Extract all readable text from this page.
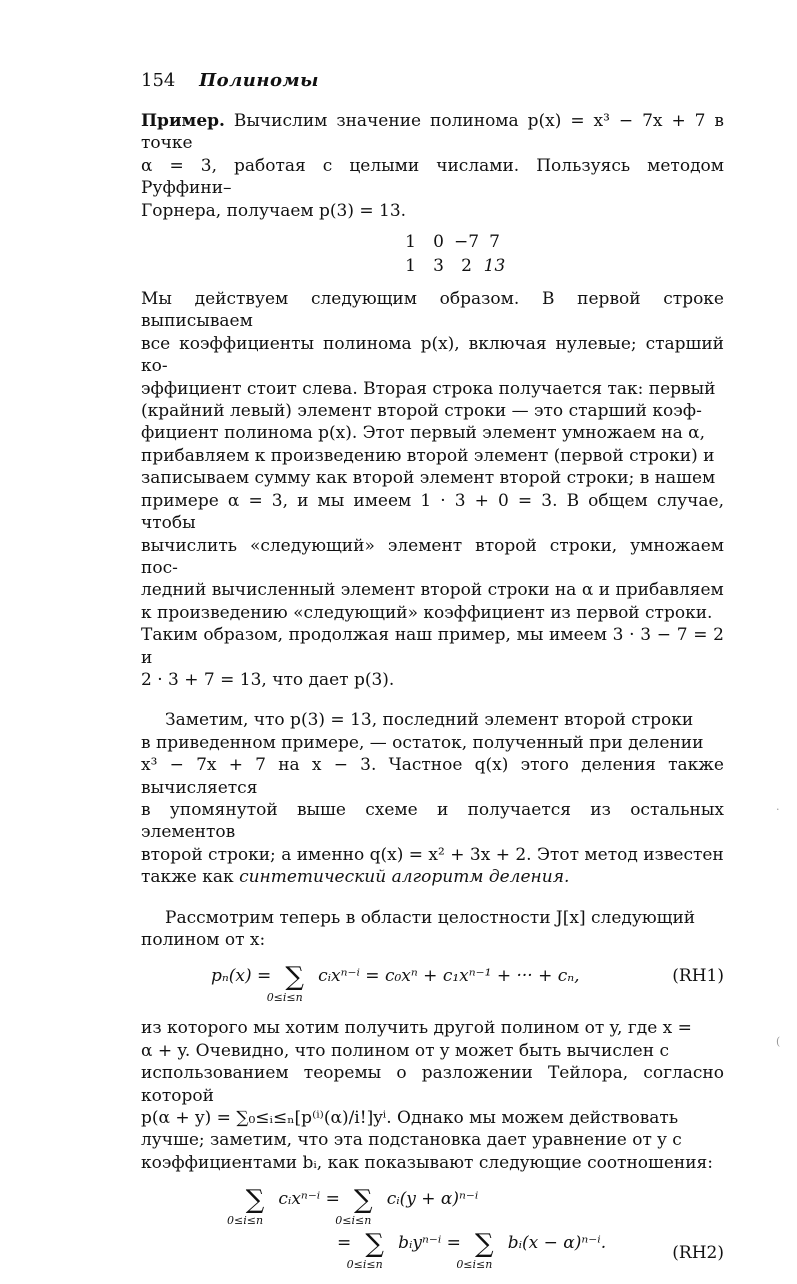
154 Полиномы

Пример. Вычислим значение полинома p(x) = x³ − 7x + 7 в точке

α = 3, работая с целыми числами. Пользуясь методом Руффини–

Горнера, получаем p(3) = 13.

1	0 −7 7
1	3	2 13

Мы действуем следующим образом. В первой строке выписываем

все коэффициенты полинома p(x), включая нулевые; старший ко-

эффициент стоит слева. Вторая строка получается так: первый

(крайний левый) элемент второй строки — это старший коэф-

фициент полинома p(x). Этот первый элемент умножаем на α,

прибавляем к произведению второй элемент (первой строки) и

записываем сумму как второй элемент второй строки; в нашем

примере α = 3, и мы имеем 1 · 3 + 0 = 3. В общем случае, чтобы

вычислить «следующий» элемент второй строки, умножаем пос-

ледний вычисленный элемент второй строки на α и прибавляем

к произведению «следующий» коэффициент из первой строки.

Таким образом, продолжая наш пример, мы имеем 3 · 3 − 7 = 2 и

2 · 3 + 7 = 13, что дает p(3).

Заметим, что p(3) = 13, последний элемент второй строки

в приведенном примере, — остаток, полученный при делении

x³ − 7x + 7 на x − 3. Частное q(x) этого деления также вычисляется

в упомянутой выше схеме и получается из остальных элементов

второй строки; а именно q(x) = x² + 3x + 2. Этот метод известен

также как синтетический алгоритм деления.

Рассмотрим теперь в области целостности J[x] следующий

полином от x:

pₙ(x) = ∑
0≤i≤n
cᵢxⁿ⁻ⁱ = c₀xⁿ + c₁xⁿ⁻¹ + ··· + cₙ,	(RH1)

из которого мы хотим получить другой полином от y, где x =

α + y. Очевидно, что полином от y может быть вычислен с

использованием теоремы о разложении Тейлора, согласно которой

p(α + y) = ∑₀≤ᵢ≤ₙ[p⁽ⁱ⁾(α)/i!]yⁱ. Однако мы можем действовать

лучше; заметим, что эта подстановка дает уравнение от y с

коэффициентами bᵢ, как показывают следующие соотношения:

∑
0≤i≤n
cᵢxⁿ⁻ⁱ = ∑
0≤i≤n
cᵢ(y + α)ⁿ⁻ⁱ
= ∑
0≤i≤n
bᵢyⁿ⁻ⁱ = ∑
0≤i≤n
bᵢ(x − α)ⁿ⁻ⁱ.	(RH2)
.
(
